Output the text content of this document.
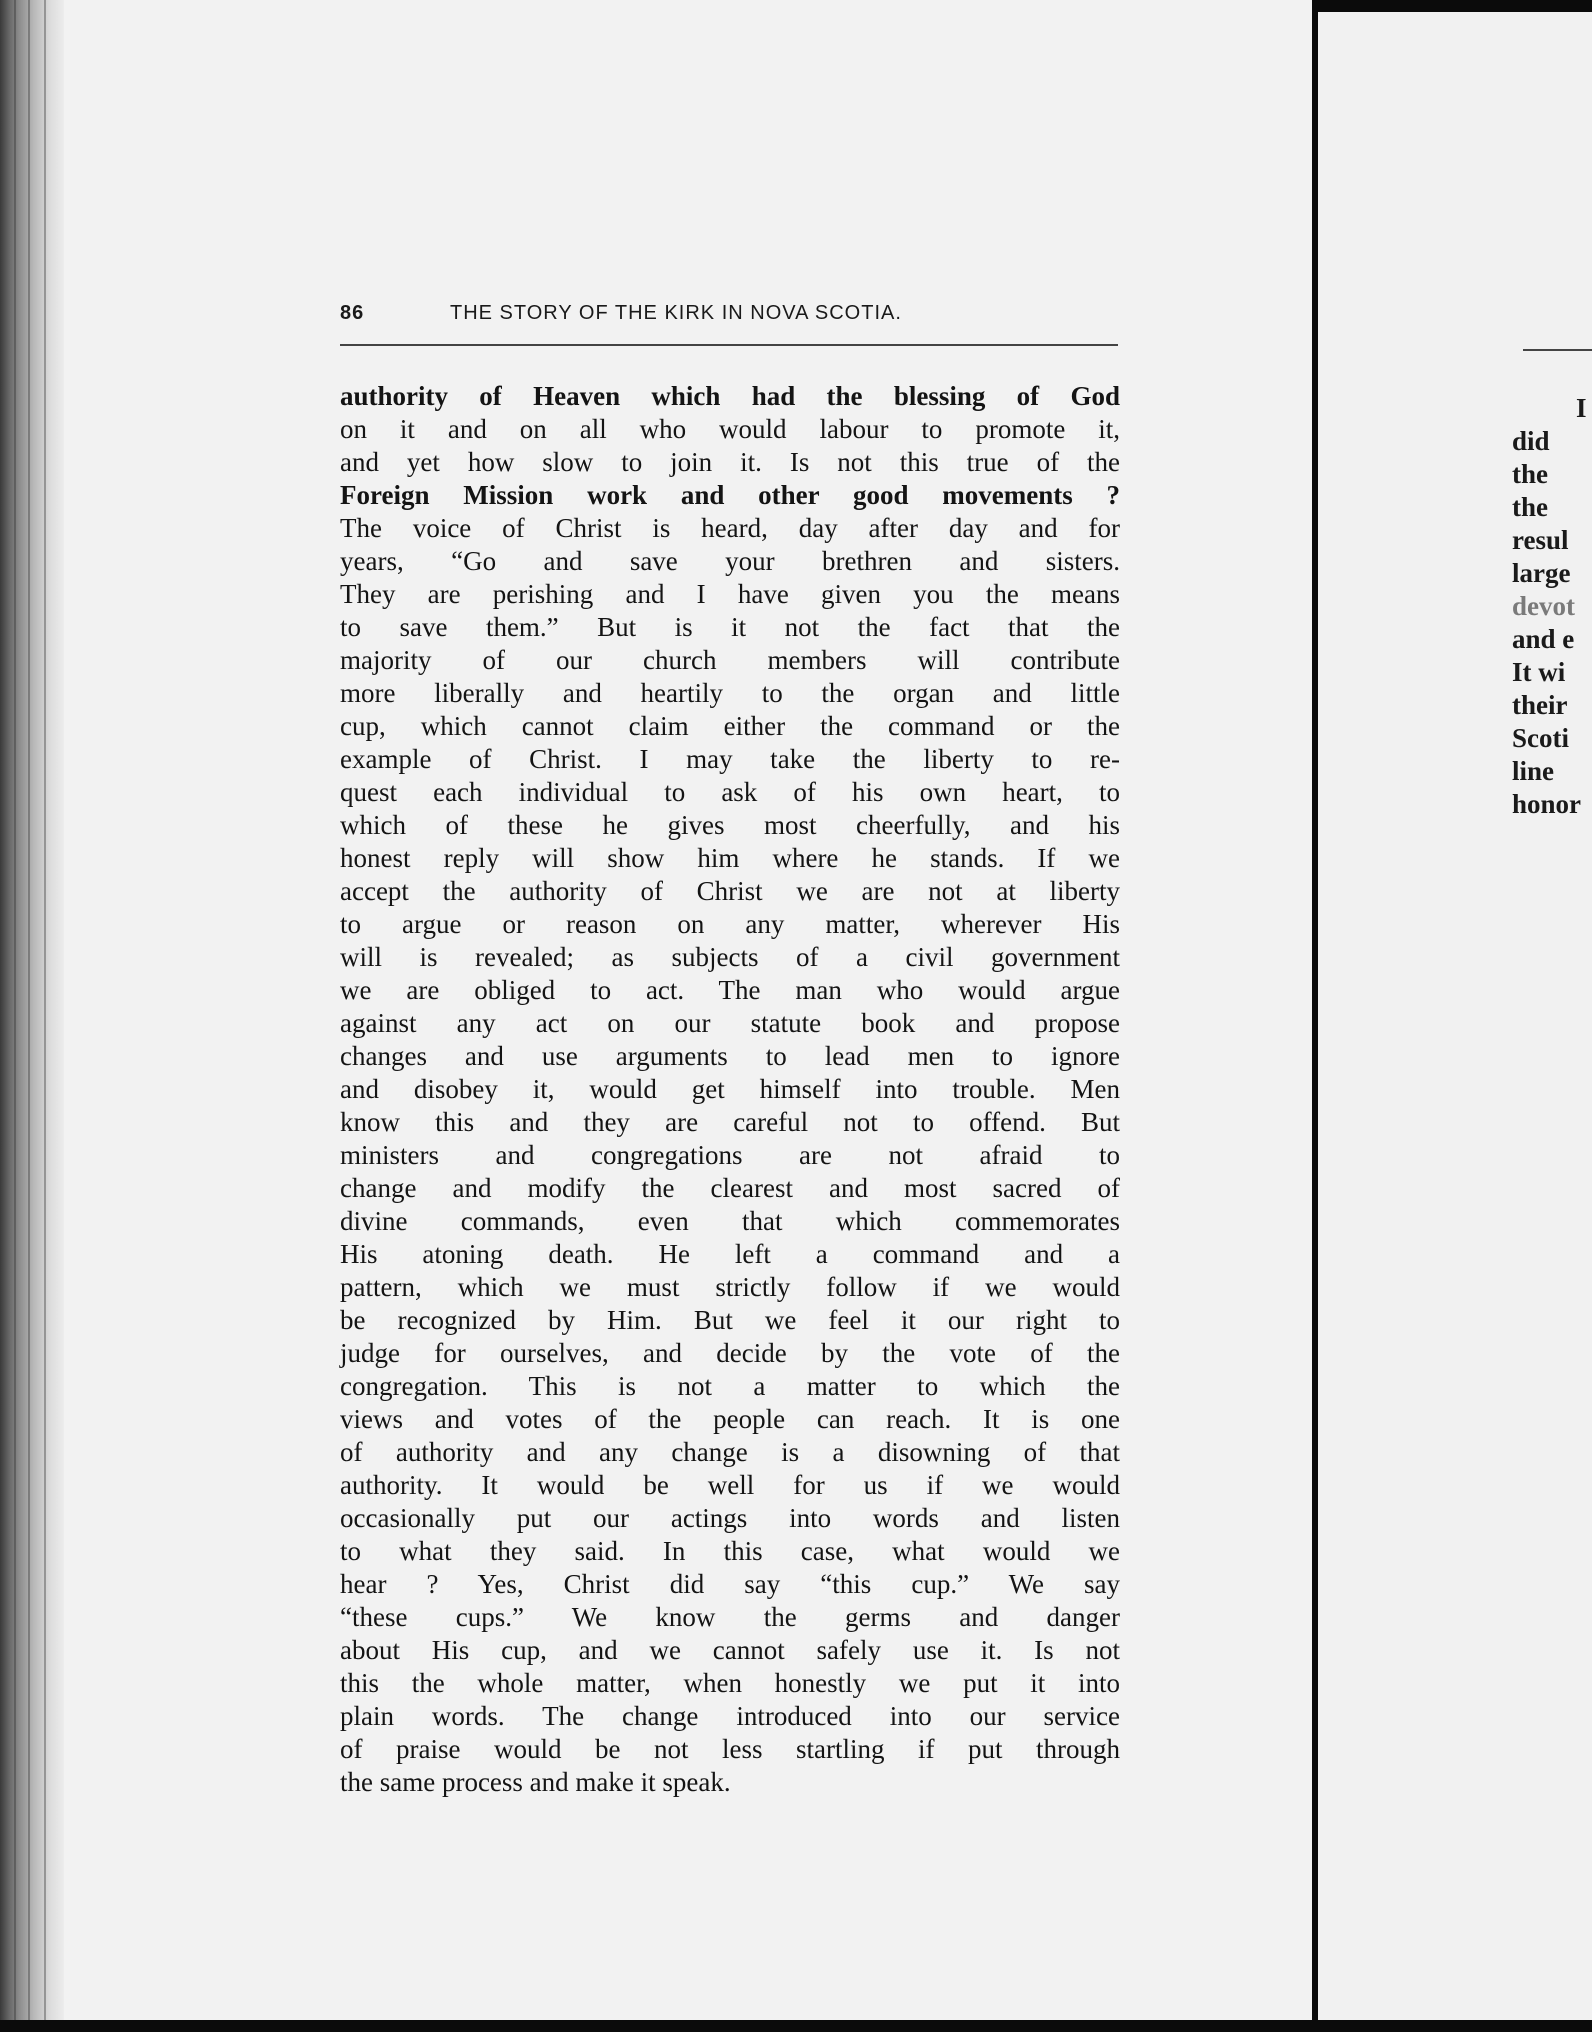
86	THE STORY OF THE KIRK IN NOVA SCOTIA.
authority of Heaven which had the blessing of God
on it and on all who would labour to promote it,
and yet how slow to join it. Is not this true of the
Foreign Mission work and other good movements ?
The voice of Christ is heard, day after day and for
years, “Go and save your brethren and sisters.
They are perishing and I have given you the means
to save them.” But is it not the fact that the
majority of our church members will contribute
more liberally and heartily to the organ and little
cup, which cannot claim either the command or the
example of Christ. I may take the liberty to re-
quest each individual to ask of his own heart, to
which of these he gives most cheerfully, and his
honest reply will show him where he stands. If we
accept the authority of Christ we are not at liberty
to argue or reason on any matter, wherever His
will is revealed; as subjects of a civil government
we are obliged to act. The man who would argue
against any act on our statute book and propose
changes and use arguments to lead men to ignore
and disobey it, would get himself into trouble. Men
know this and they are careful not to offend. But
ministers and congregations are not afraid to
change and modify the clearest and most sacred of
divine commands, even that which commemorates
His atoning death. He left a command and a
pattern, which we must strictly follow if we would
be recognized by Him. But we feel it our right to
judge for ourselves, and decide by the vote of the
congregation. This is not a matter to which the
views and votes of the people can reach. It is one
of authority and any change is a disowning of that
authority. It would be well for us if we would
occasionally put our actings into words and listen
to what they said. In this case, what would we
hear ? Yes, Christ did say “this cup.” We say
“these cups.” We know the germs and danger
about His cup, and we cannot safely use it. Is not
this the whole matter, when honestly we put it into
plain words. The change introduced into our service
of praise would be not less startling if put through
the same process and make it speak.
I
did
the
the
resul
large
devot
and e
It wi
their
Scoti
line
honor
